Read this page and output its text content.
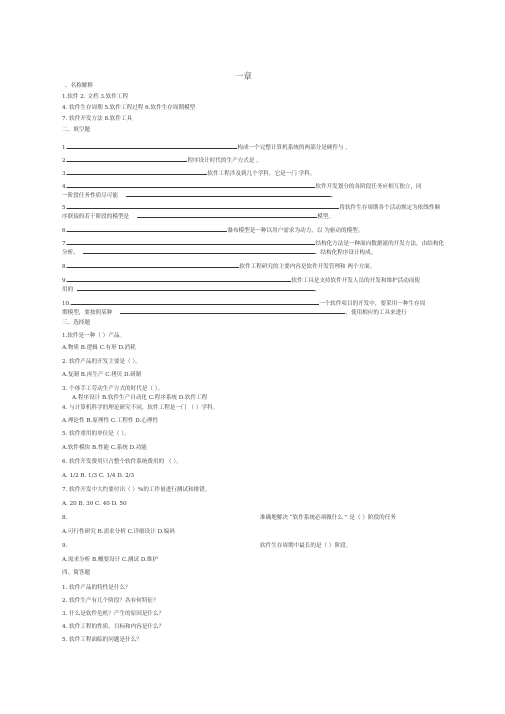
一章
、名称解释
1.软件 2. 文档 3.软件工程
4. 软件生存周期 5.软件工程过程 6.软件生存周期模型
7. 软件开发方法 8.软件工具
二、填空题
1.	构成一个完整计算机系统的两部分是硬件与 。
2.	程序设计时代的生产方式是 。
3.	软件工程涉及到几个学科，它是一门 学科。
4.	软件开发划分的各阶段任务应相互独立，同
一阶段任务性质尽可能	。
5.	将软件生存周期各个活动规定为依线性顺
序联接的若干阶段的模型是	模型。
6.	瀑布模型是一种以用户需求为动力，以 为驱动的模型。
7.	结构化方法是一种面向数据流的开发方法，由结构化
分析、	、结构化程序设计构成。
8.	软件工程研究的主要内容是软件开发管理和 两个方面。
9.	软件工具是支持软件开发人员的开发和维护活动而使
用的	。
10.	一个软件项目的开发中，要采用一种生存周
期模型，要按照某种	，使用相应的工具来进行
三、选择题
1.软件是一种（ ）产品。
A.物质 B.逻辑 C.有形 D.消耗
2. 软件产品的开发主要是（ ）。
A.复制 B.再生产 C.拷贝 D.研制
3. 个体手工劳动生产方式的时代是（ ）。
A.程序设计 B.软件生产自动化 C.程序系统 D.软件工程
4. 与计算机科学的理论研究不同，软件工程是一门 （ ）学科。
A.理论性 B.原理性 C.工程性 D.心理性
5. 软件重用的单位是（ ）。
A.软件模块 B.性能 C.系统 D.功能
6. 软件开发费用只占整个软件系统费用的 （ ）。
A. 1/2 B. 1/3 C. 1/4 D. 2/3
7. 软件开发中大约要付出（ ）%的工作量进行测试和排错。
A. 20 B. 30 C. 40 D. 50
8.	准确地解决 “软件系统必须做什么 ” 是（ ）阶段的任务
A.可行性研究 B.需求分析 C.详细设计 D.编码
9.	软件生存周期中最长的是（ ）阶段。
A.需求分析 B.概要设计 C.测试 D.维护
四、简答题
1. 软件产品的特性是什么？
2. 软件生产有几个阶段？各有何特征？
3. 什么是软件危机？产生的原因是什么？
4. 软件工程的性质、目标和内容是什么？
5. 软件工程面临的问题是什么？
